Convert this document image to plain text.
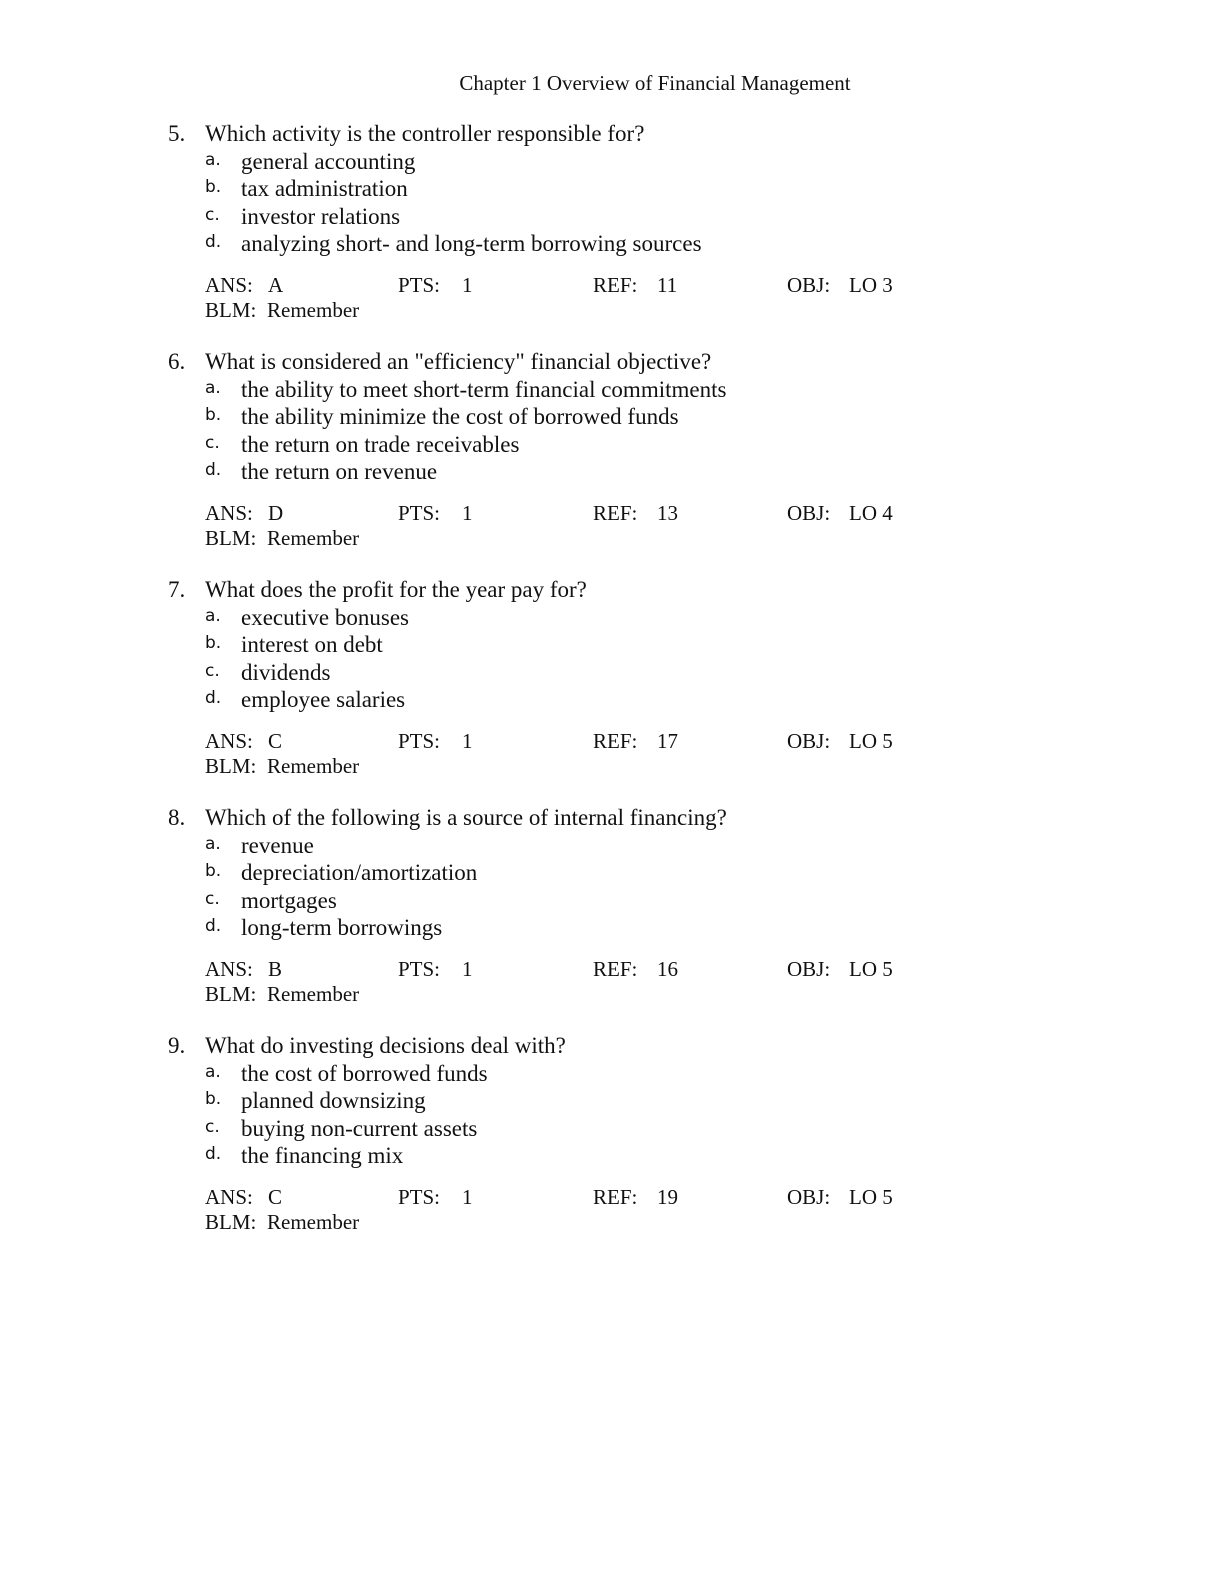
Chapter 1 Overview of Financial Management
5. Which activity is the controller responsible for?
a. general accounting
b. tax administration
c. investor relations
d. analyzing short- and long-term borrowing sources
ANS: A	PTS: 1	REF: 11	OBJ: LO 3
BLM: Remember
6. What is considered an "efficiency" financial objective?
a. the ability to meet short-term financial commitments
b. the ability minimize the cost of borrowed funds
c. the return on trade receivables
d. the return on revenue
ANS: D	PTS: 1	REF: 13	OBJ: LO 4
BLM: Remember
7. What does the profit for the year pay for?
a. executive bonuses
b. interest on debt
c. dividends
d. employee salaries
ANS: C	PTS: 1	REF: 17	OBJ: LO 5
BLM: Remember
8. Which of the following is a source of internal financing?
a. revenue
b. depreciation/amortization
c. mortgages
d. long-term borrowings
ANS: B	PTS: 1	REF: 16	OBJ: LO 5
BLM: Remember
9. What do investing decisions deal with?
a. the cost of borrowed funds
b. planned downsizing
c. buying non-current assets
d. the financing mix
ANS: C	PTS: 1	REF: 19	OBJ: LO 5
BLM: Remember
